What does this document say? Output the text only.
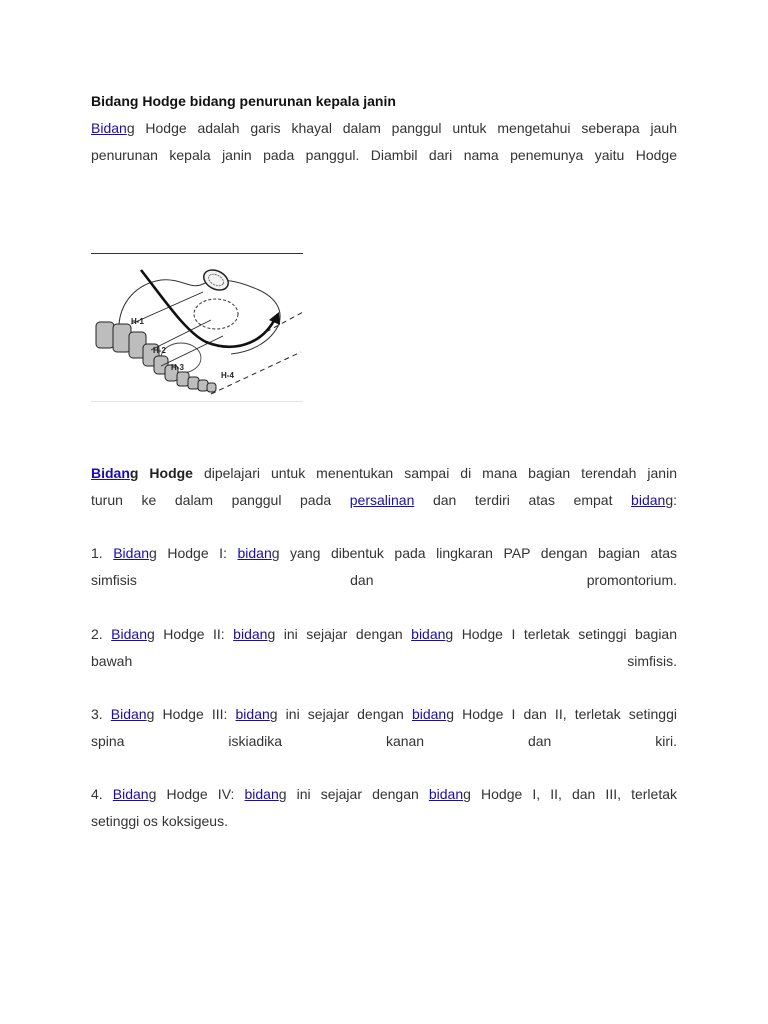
Bidang Hodge bidang penurunan kepala janin

Bidang Hodge adalah garis khayal dalam panggul untuk mengetahui seberapa jauh

penurunan kepala janin pada panggul. Diambil dari nama penemunya yaitu Hodge

H-1
H-2
H-3
H-4

Bidang Hodge dipelajari untuk menentukan sampai di mana bagian terendah janin

turun ke dalam panggul pada persalinan dan terdiri atas empat bidang:

1. Bidang Hodge I: bidang yang dibentuk pada lingkaran PAP dengan bagian atas

simfisis dan promontorium.

2. Bidang Hodge II: bidang ini sejajar dengan bidang Hodge I terletak setinggi bagian

bawah simfisis.

3. Bidang Hodge III: bidang ini sejajar dengan bidang Hodge I dan II, terletak setinggi

spina iskiadika kanan dan kiri.

4. Bidang Hodge IV: bidang ini sejajar dengan bidang Hodge I, II, dan III, terletak

setinggi os koksigeus.
